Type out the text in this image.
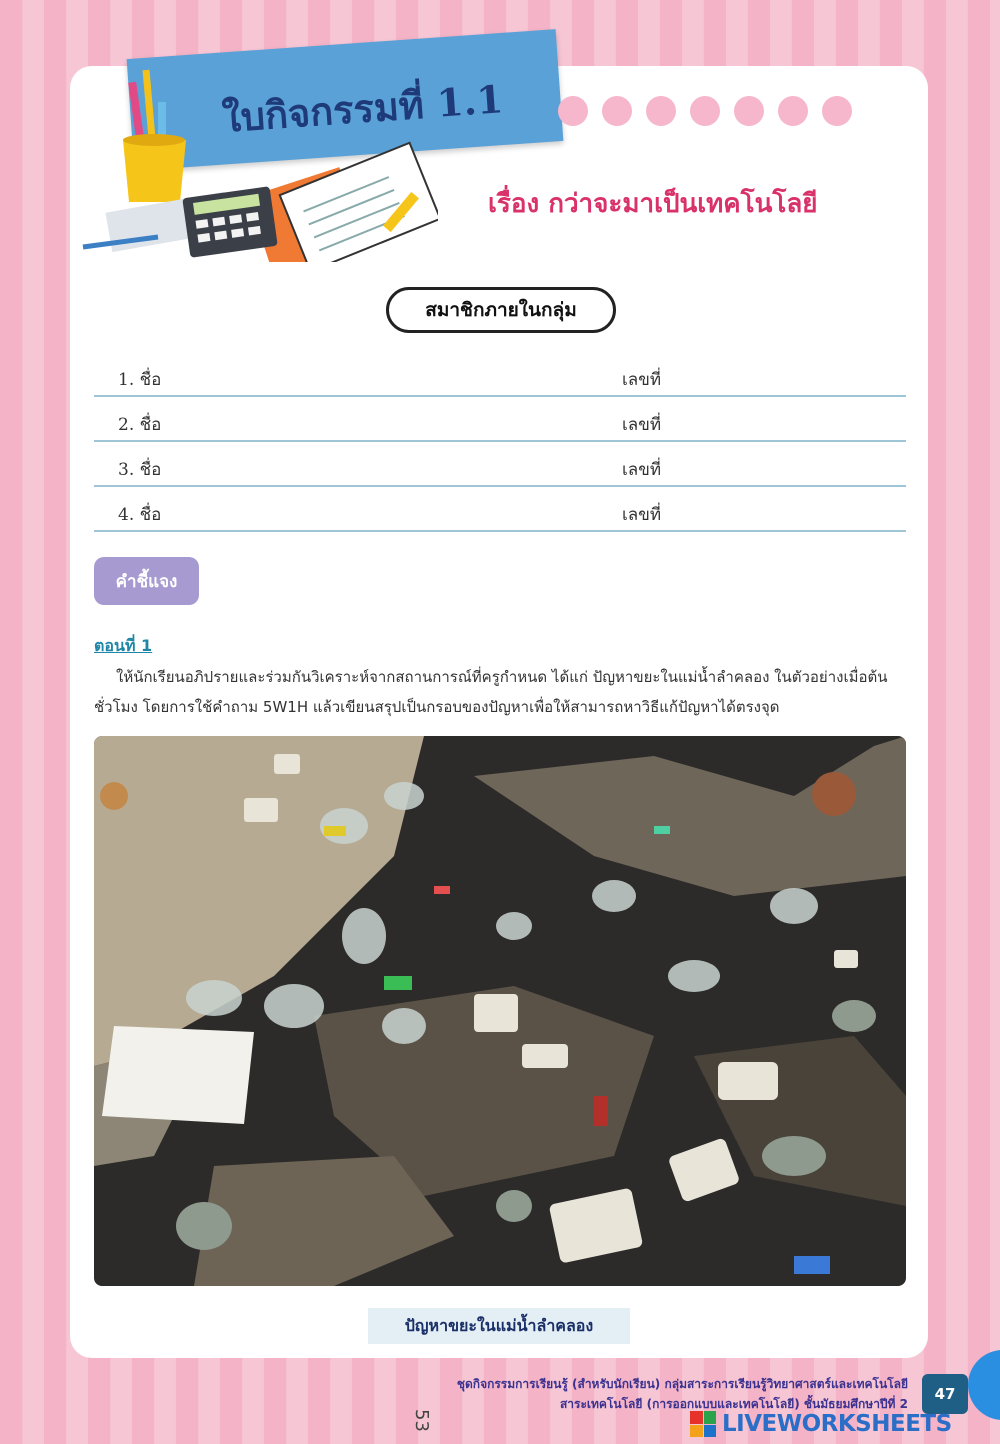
ใบกิจกรรมที่ 1.1
เรื่อง กว่าจะมาเป็นเทคโนโลยี
สมาชิกภายในกลุ่ม
1. ชื่อ	เลขที่
2. ชื่อ	เลขที่
3. ชื่อ	เลขที่
4. ชื่อ	เลขที่
คำชี้แจง
ตอนที่ 1
ให้นักเรียนอภิปรายและร่วมกันวิเคราะห์จากสถานการณ์ที่ครูกำหนด ได้แก่ ปัญหาขยะในแม่น้ำลำคลอง ในตัวอย่างเมื่อต้นชั่วโมง โดยการใช้คำถาม 5W1H แล้วเขียนสรุปเป็นกรอบของปัญหาเพื่อให้สามารถหาวิธีแก้ปัญหาได้ตรงจุด
ปัญหาขยะในแม่น้ำลำคลอง
ชุดกิจกรรมการเรียนรู้ (สำหรับนักเรียน) กลุ่มสาระการเรียนรู้วิทยาศาสตร์และเทคโนโลยี
สาระเทคโนโลยี (การออกแบบและเทคโนโลยี) ชั้นมัธยมศึกษาปีที่ 2
47
53	LIVEWORKSHEETS
